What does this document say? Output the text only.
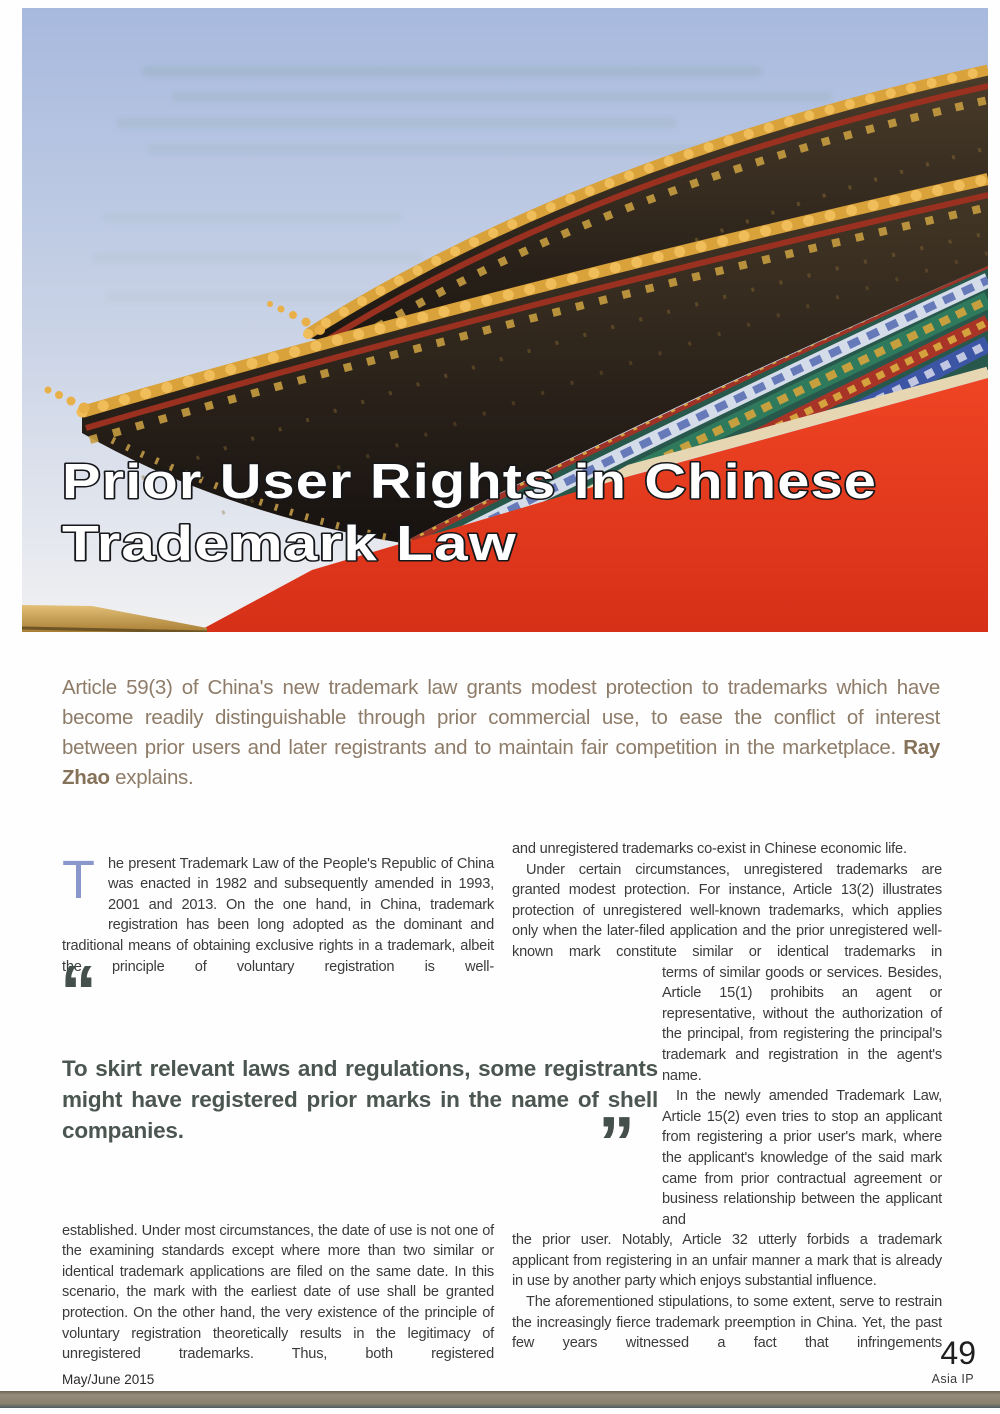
Prior User Rights in Chinese
Trademark Law

Article 59(3) of China's new trademark law grants modest protection to trademarks which have become readily distinguishable through prior commercial use, to ease the conflict of interest between prior users and later registrants and to maintain fair competition in the marketplace. Ray Zhao explains.

The present Trademark Law of the People's Republic of China was enacted in 1982 and subsequently amended in 1993, 2001 and 2013. On the one hand, in China, trademark registration has been long adopted as the dominant and traditional means of obtaining exclusive rights in a trademark, albeit the principle of voluntary registration is well-

“

To skirt relevant laws and regulations, some registrants might have registered prior marks in the name of shell companies.	”

established. Under most circumstances, the date of use is not one of the examining standards except where more than two similar or identical trademark applications are filed on the same date. In this scenario, the mark with the earliest date of use shall be granted protection. On the other hand, the very existence of the principle of voluntary registration theoretically results in the legitimacy of unregistered trademarks. Thus, both registered

and unregistered trademarks co-exist in Chinese economic life.

Under certain circumstances, unregistered trademarks are granted modest protection. For instance, Article 13(2) illustrates protection of unregistered well-known trademarks, which applies only when the later-filed application and the prior unregistered well-known mark constitute similar or identical trademarks in

terms of similar goods or services. Besides, Article 15(1) prohibits an agent or representative, without the authorization of the principal, from registering the principal's trademark and registration in the agent's name.

In the newly amended Trademark Law, Article 15(2) even tries to stop an applicant from registering a prior user's mark, where the applicant's knowledge of the said mark came from prior contractual agreement or business relationship between the applicant and

the prior user. Notably, Article 32 utterly forbids a trademark applicant from registering in an unfair manner a mark that is already in use by another party which enjoys substantial influence.

The aforementioned stipulations, to some extent, serve to restrain the increasingly fierce trademark preemption in China. Yet, the past few years witnessed a fact that infringements

May/June 2015
49
Asia IP
